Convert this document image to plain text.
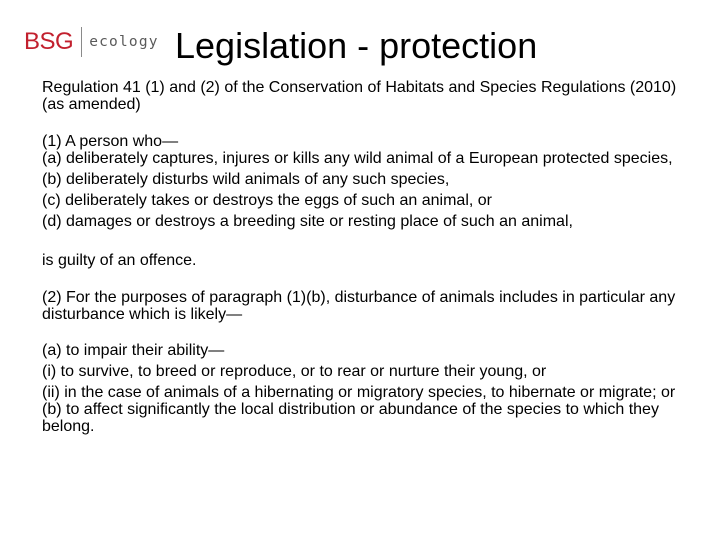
BSG ecology Legislation - protection

Regulation 41 (1) and (2) of the Conservation of Habitats and Species Regulations (2010) (as amended)

(1) A person who—
(a) deliberately captures, injures or kills any wild animal of a European protected species,
(b) deliberately disturbs wild animals of any such species,
(c) deliberately takes or destroys the eggs of such an animal, or
(d) damages or destroys a breeding site or resting place of such an animal,

is guilty of an offence.

(2) For the purposes of paragraph (1)(b), disturbance of animals includes in particular any disturbance which is likely—

(a) to impair their ability—
(i) to survive, to breed or reproduce, or to rear or nurture their young, or
(ii) in the case of animals of a hibernating or migratory species, to hibernate or migrate; or
(b) to affect significantly the local distribution or abundance of the species to which they belong.
